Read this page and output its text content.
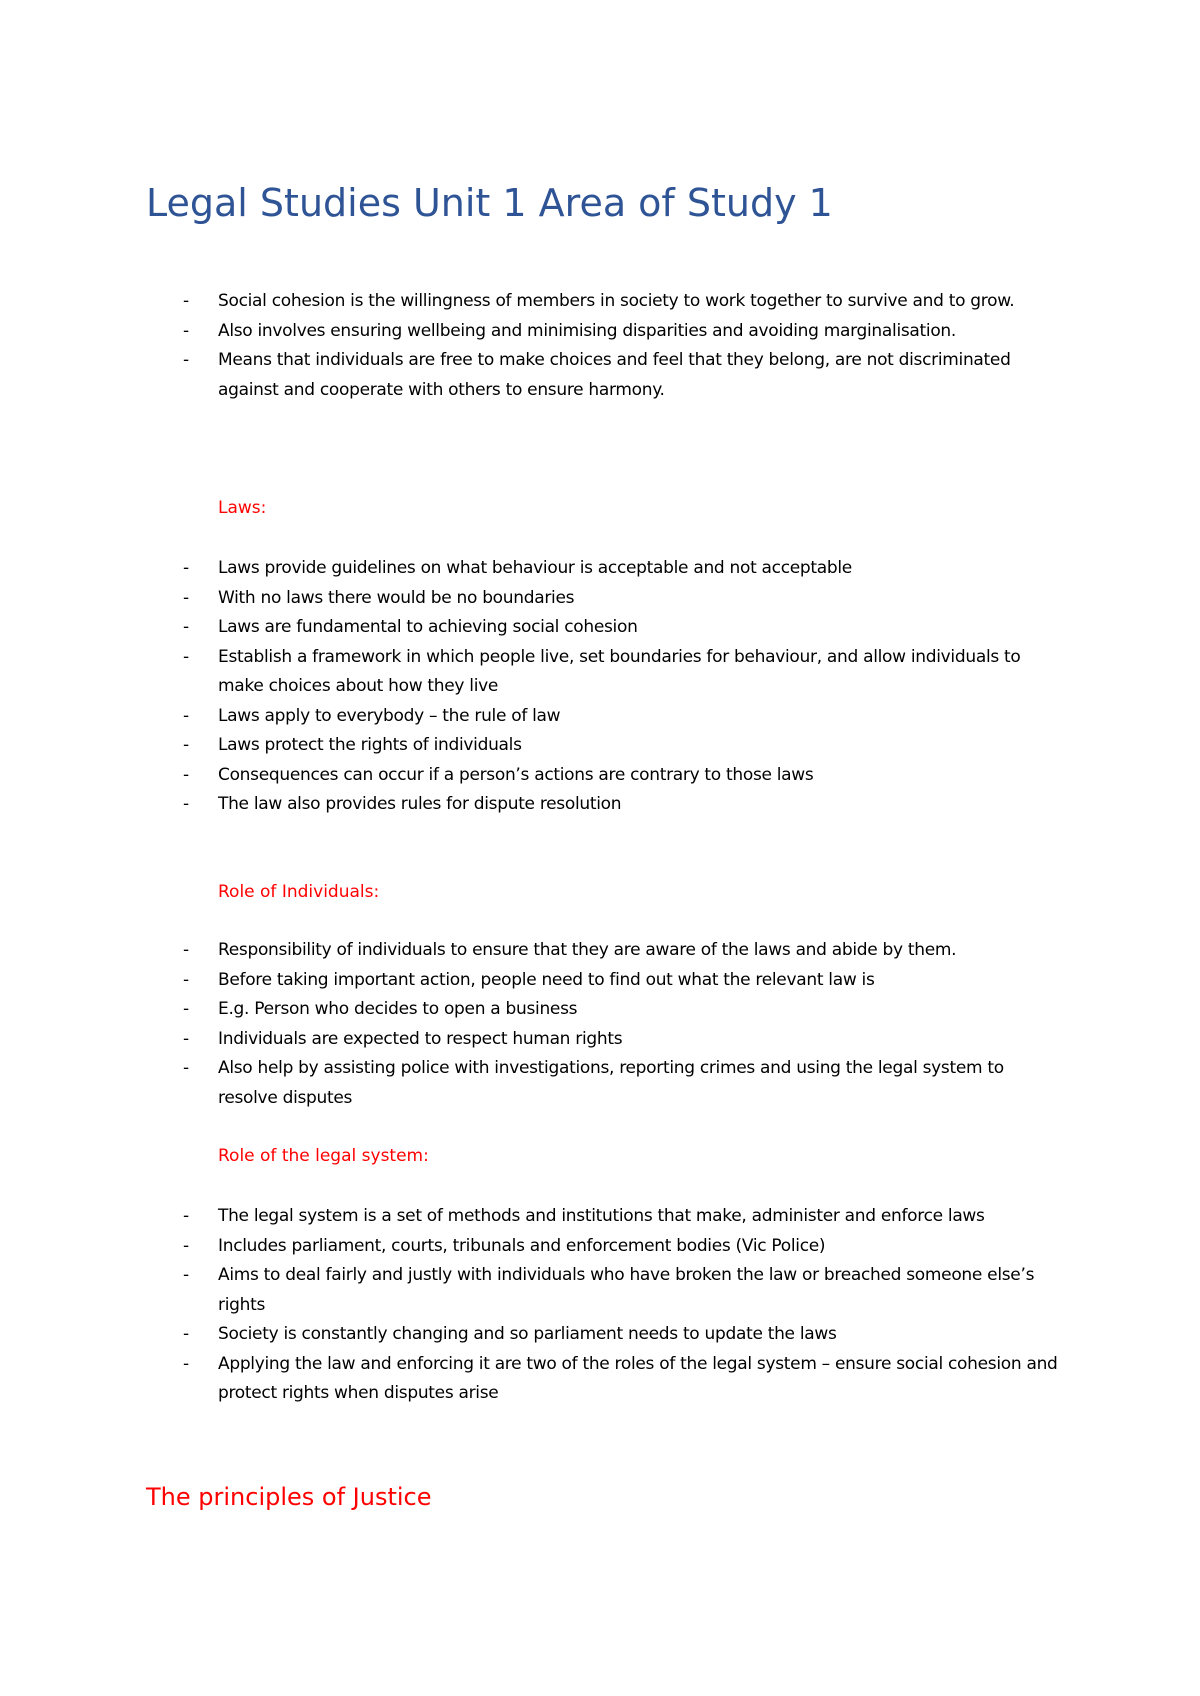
Legal Studies Unit 1 Area of Study 1
- Social cohesion is the willingness of members in society to work together to survive and to grow.
- Also involves ensuring wellbeing and minimising disparities and avoiding marginalisation.
- Means that individuals are free to make choices and feel that they belong, are not discriminated against and cooperate with others to ensure harmony.
Laws:
- Laws provide guidelines on what behaviour is acceptable and not acceptable
- With no laws there would be no boundaries
- Laws are fundamental to achieving social cohesion
- Establish a framework in which people live, set boundaries for behaviour, and allow individuals to make choices about how they live
- Laws apply to everybody – the rule of law
- Laws protect the rights of individuals
- Consequences can occur if a person’s actions are contrary to those laws
- The law also provides rules for dispute resolution
Role of Individuals:
- Responsibility of individuals to ensure that they are aware of the laws and abide by them.
- Before taking important action, people need to find out what the relevant law is
- E.g. Person who decides to open a business
- Individuals are expected to respect human rights
- Also help by assisting police with investigations, reporting crimes and using the legal system to resolve disputes
Role of the legal system:
- The legal system is a set of methods and institutions that make, administer and enforce laws
- Includes parliament, courts, tribunals and enforcement bodies (Vic Police)
- Aims to deal fairly and justly with individuals who have broken the law or breached someone else’s rights
- Society is constantly changing and so parliament needs to update the laws
- Applying the law and enforcing it are two of the roles of the legal system – ensure social cohesion and protect rights when disputes arise
The principles of Justice
